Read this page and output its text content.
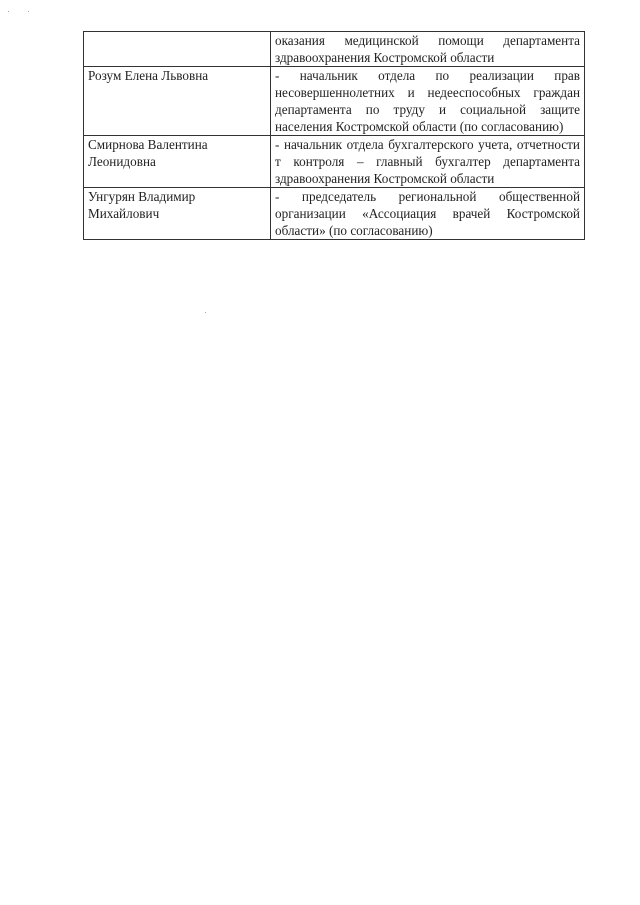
	оказания медицинской помощи департамента здравоохранения Костромской области
Розум Елена Львовна	- начальник отдела по реализации прав несовершеннолетних и недееспособных граждан департамента по труду и социальной защите населения Костромской области (по согласованию)
Смирнова Валентина Леонидовна	- начальник отдела бухгалтерского учета, отчетности т контроля – главный бухгалтер департамента здравоохранения Костромской области
Унгурян Владимир Михайлович	- председатель региональной общественной организации «Ассоциация врачей Костромской области» (по согласованию)
